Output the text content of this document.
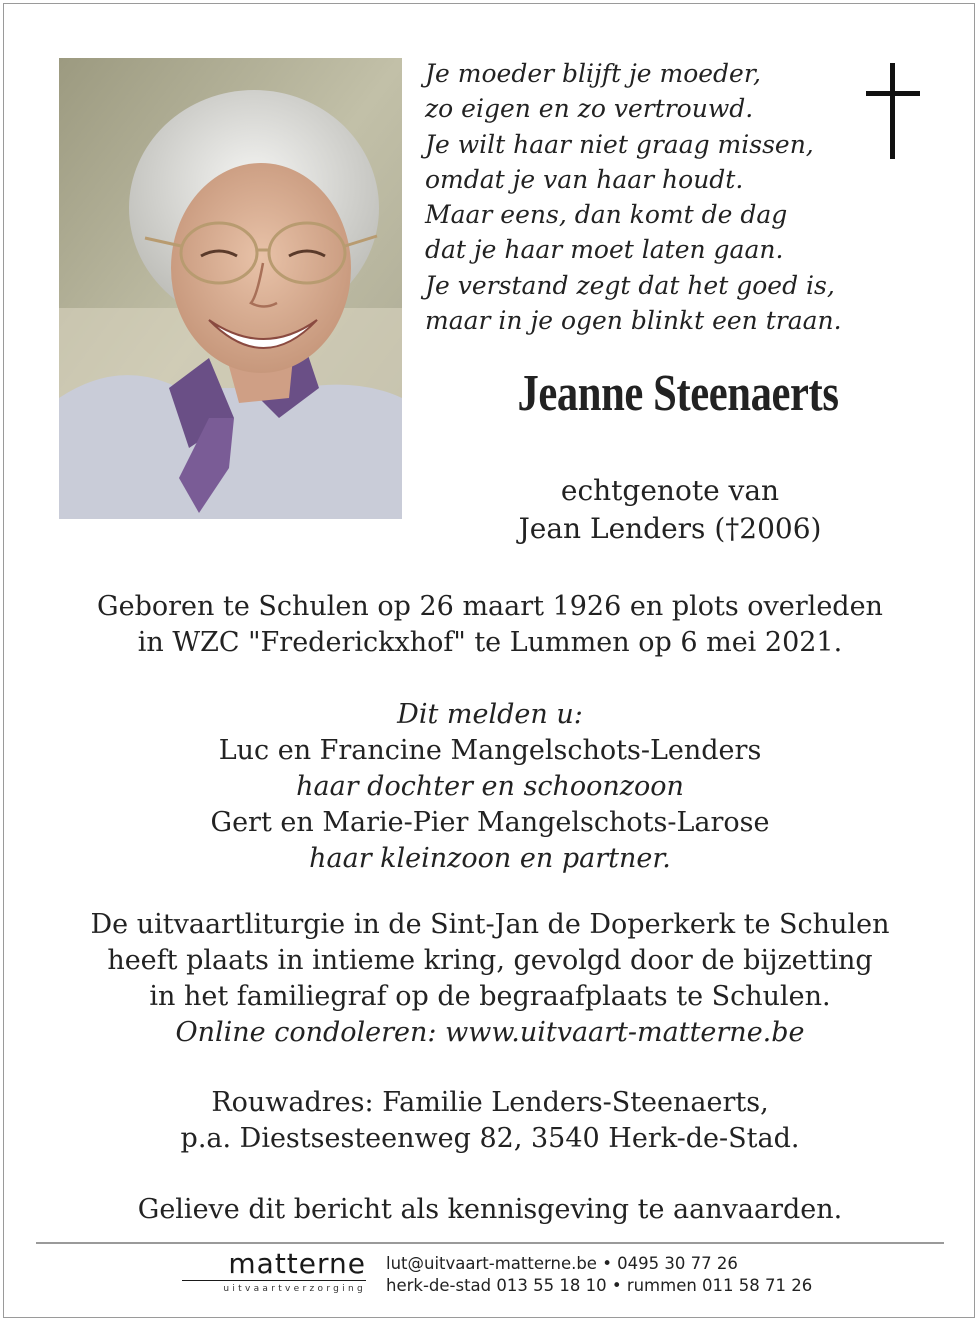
Je moeder blijft je moeder,
zo eigen en zo vertrouwd.
Je wilt haar niet graag missen,
omdat je van haar houdt.
Maar eens, dan komt de dag
dat je haar moet laten gaan.
Je verstand zegt dat het goed is,
maar in je ogen blinkt een traan.
Jeanne Steenaerts
echtgenote van
Jean Lenders (†2006)
Geboren te Schulen op 26 maart 1926 en plots overleden
in WZC "Frederickxhof" te Lummen op 6 mei 2021.
Dit melden u:
Luc en Francine Mangelschots-Lenders
haar dochter en schoonzoon
Gert en Marie-Pier Mangelschots-Larose
haar kleinzoon en partner.
De uitvaartliturgie in de Sint-Jan de Doperkerk te Schulen
heeft plaats in intieme kring, gevolgd door de bijzetting
in het familiegraf op de begraafplaats te Schulen.
Online condoleren: www.uitvaart-matterne.be
Rouwadres: Familie Lenders-Steenaerts,
p.a. Diestsesteenweg 82, 3540 Herk-de-Stad.
Gelieve dit bericht als kennisgeving te aanvaarden.
matterne
uitvaartverzorging
lut@uitvaart-matterne.be • 0495 30 77 26
herk-de-stad 013 55 18 10 • rummen 011 58 71 26
